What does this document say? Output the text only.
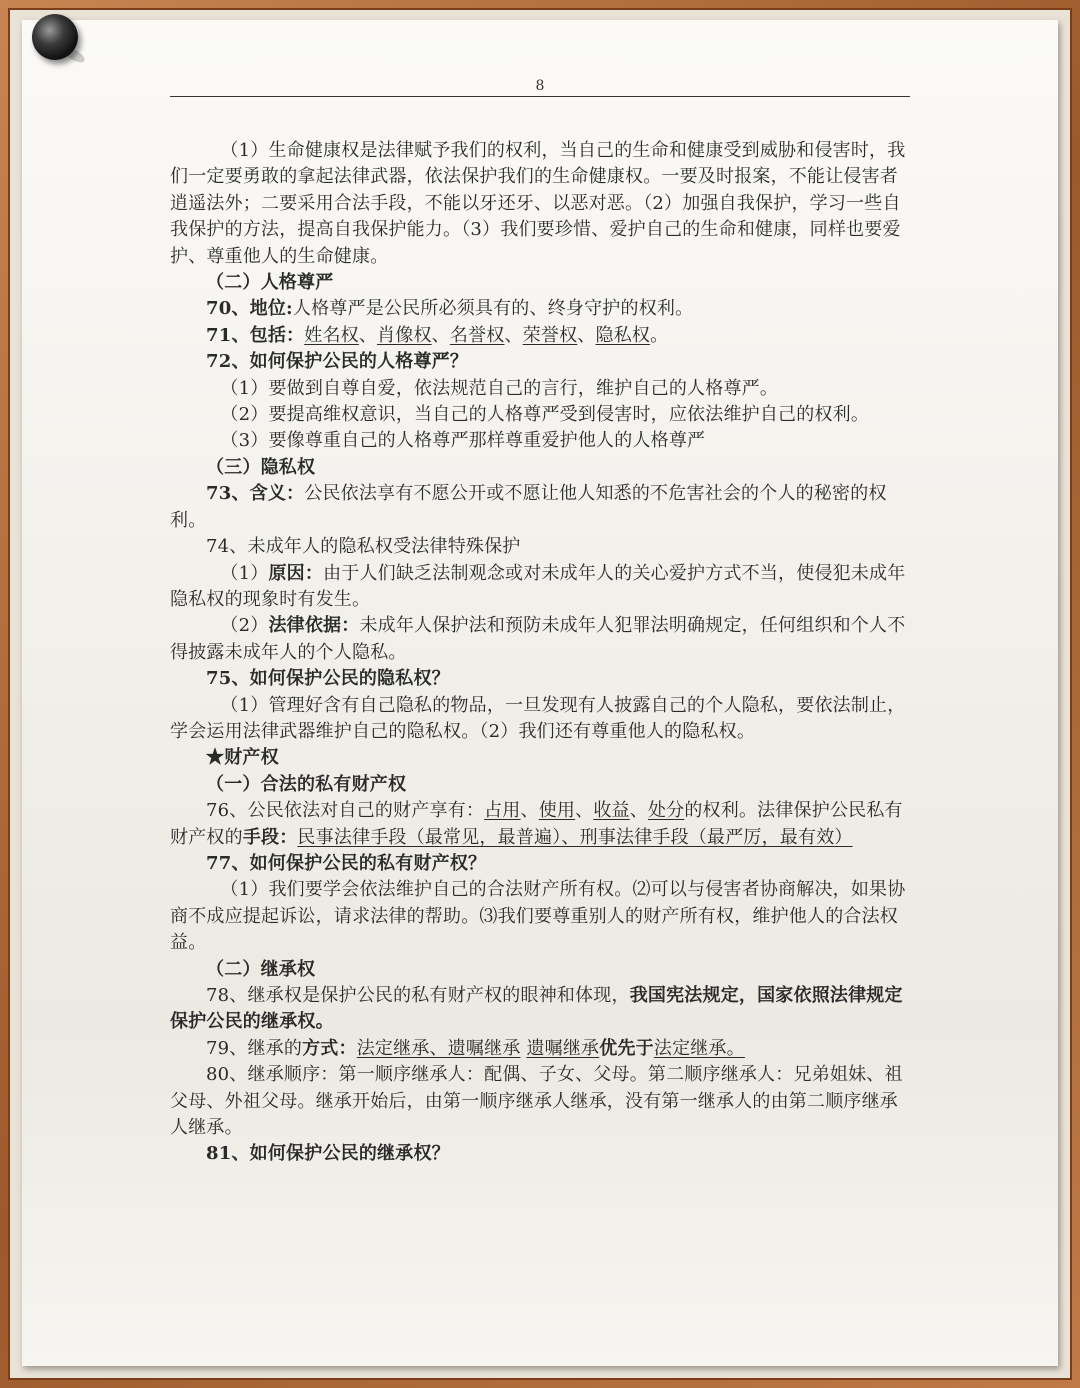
8

（1）生命健康权是法律赋予我们的权利，当自己的生命和健康受到威胁和侵害时，我们一定要勇敢的拿起法律武器，依法保护我们的生命健康权。一要及时报案，不能让侵害者逍遥法外；二要采用合法手段，不能以牙还牙、以恶对恶。（2）加强自我保护，学习一些自我保护的方法，提高自我保护能力。（3）我们要珍惜、爱护自己的生命和健康，同样也要爱护、尊重他人的生命健康。

（二）人格尊严

70、地位:人格尊严是公民所必须具有的、终身守护的权利。

71、包括：姓名权、肖像权、名誉权、荣誉权、隐私权。

72、如何保护公民的人格尊严？

（1）要做到自尊自爱，依法规范自己的言行，维护自己的人格尊严。

（2）要提高维权意识，当自己的人格尊严受到侵害时，应依法维护自己的权利。

（3）要像尊重自己的人格尊严那样尊重爱护他人的人格尊严

（三）隐私权

73、含义：公民依法享有不愿公开或不愿让他人知悉的不危害社会的个人的秘密的权利。

74、未成年人的隐私权受法律特殊保护

（1）原因：由于人们缺乏法制观念或对未成年人的关心爱护方式不当，使侵犯未成年隐私权的现象时有发生。

（2）法律依据：未成年人保护法和预防未成年人犯罪法明确规定，任何组织和个人不得披露未成年人的个人隐私。

75、如何保护公民的隐私权？

（1）管理好含有自己隐私的物品，一旦发现有人披露自己的个人隐私，要依法制止，学会运用法律武器维护自己的隐私权。（2）我们还有尊重他人的隐私权。

★财产权

（一）合法的私有财产权

76、公民依法对自己的财产享有：占用、使用、收益、处分的权利。法律保护公民私有财产权的手段：民事法律手段（最常见，最普遍）、刑事法律手段（最严厉，最有效）

77、如何保护公民的私有财产权？

（1）我们要学会依法维护自己的合法财产所有权。⑵可以与侵害者协商解决，如果协商不成应提起诉讼，请求法律的帮助。⑶我们要尊重别人的财产所有权，维护他人的合法权益。

（二）继承权

78、继承权是保护公民的私有财产权的眼神和体现，我国宪法规定，国家依照法律规定保护公民的继承权。

79、继承的方式：法定继承、遗嘱继承 遗嘱继承优先于法定继承。

80、继承顺序：第一顺序继承人：配偶、子女、父母。第二顺序继承人：兄弟姐妹、祖父母、外祖父母。继承开始后，由第一顺序继承人继承，没有第一继承人的由第二顺序继承人继承。

81、如何保护公民的继承权？
